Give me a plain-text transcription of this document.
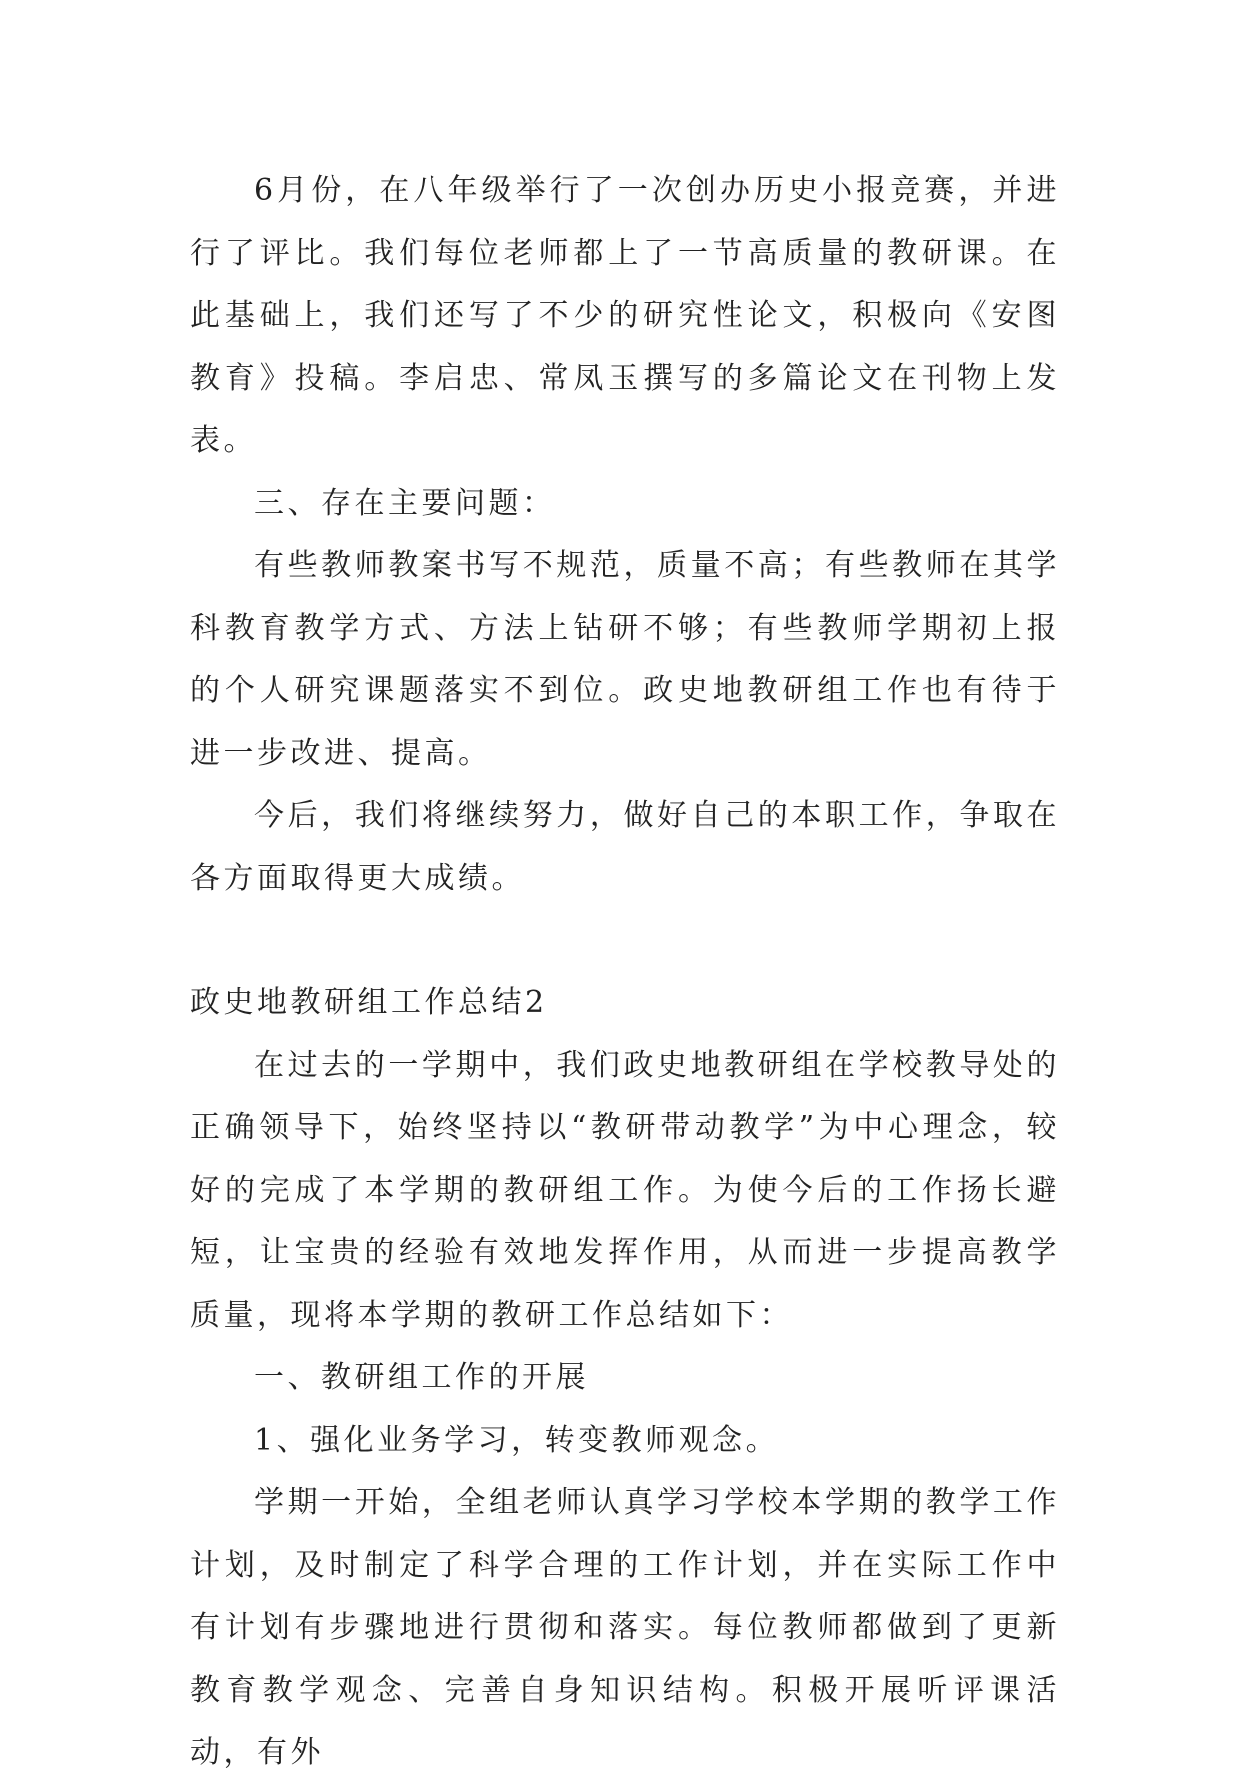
6月份，在八年级举行了一次创办历史小报竞赛，并进行了评比。我们每位老师都上了一节高质量的教研课。在此基础上，我们还写了不少的研究性论文，积极向《安图教育》投稿。李启忠、常凤玉撰写的多篇论文在刊物上发表。

三、存在主要问题：

有些教师教案书写不规范，质量不高；有些教师在其学科教育教学方式、方法上钻研不够；有些教师学期初上报的个人研究课题落实不到位。政史地教研组工作也有待于进一步改进、提高。

今后，我们将继续努力，做好自己的本职工作，争取在各方面取得更大成绩。

政史地教研组工作总结2

在过去的一学期中，我们政史地教研组在学校教导处的正确领导下，始终坚持以“教研带动教学”为中心理念，较好的完成了本学期的教研组工作。为使今后的工作扬长避短，让宝贵的经验有效地发挥作用，从而进一步提高教学质量，现将本学期的教研工作总结如下：

一、教研组工作的开展

1、强化业务学习，转变教师观念。

学期一开始，全组老师认真学习学校本学期的教学工作计划，及时制定了科学合理的工作计划，并在实际工作中有计划有步骤地进行贯彻和落实。每位教师都做到了更新教育教学观念、完善自身知识结构。积极开展听评课活动，有外
